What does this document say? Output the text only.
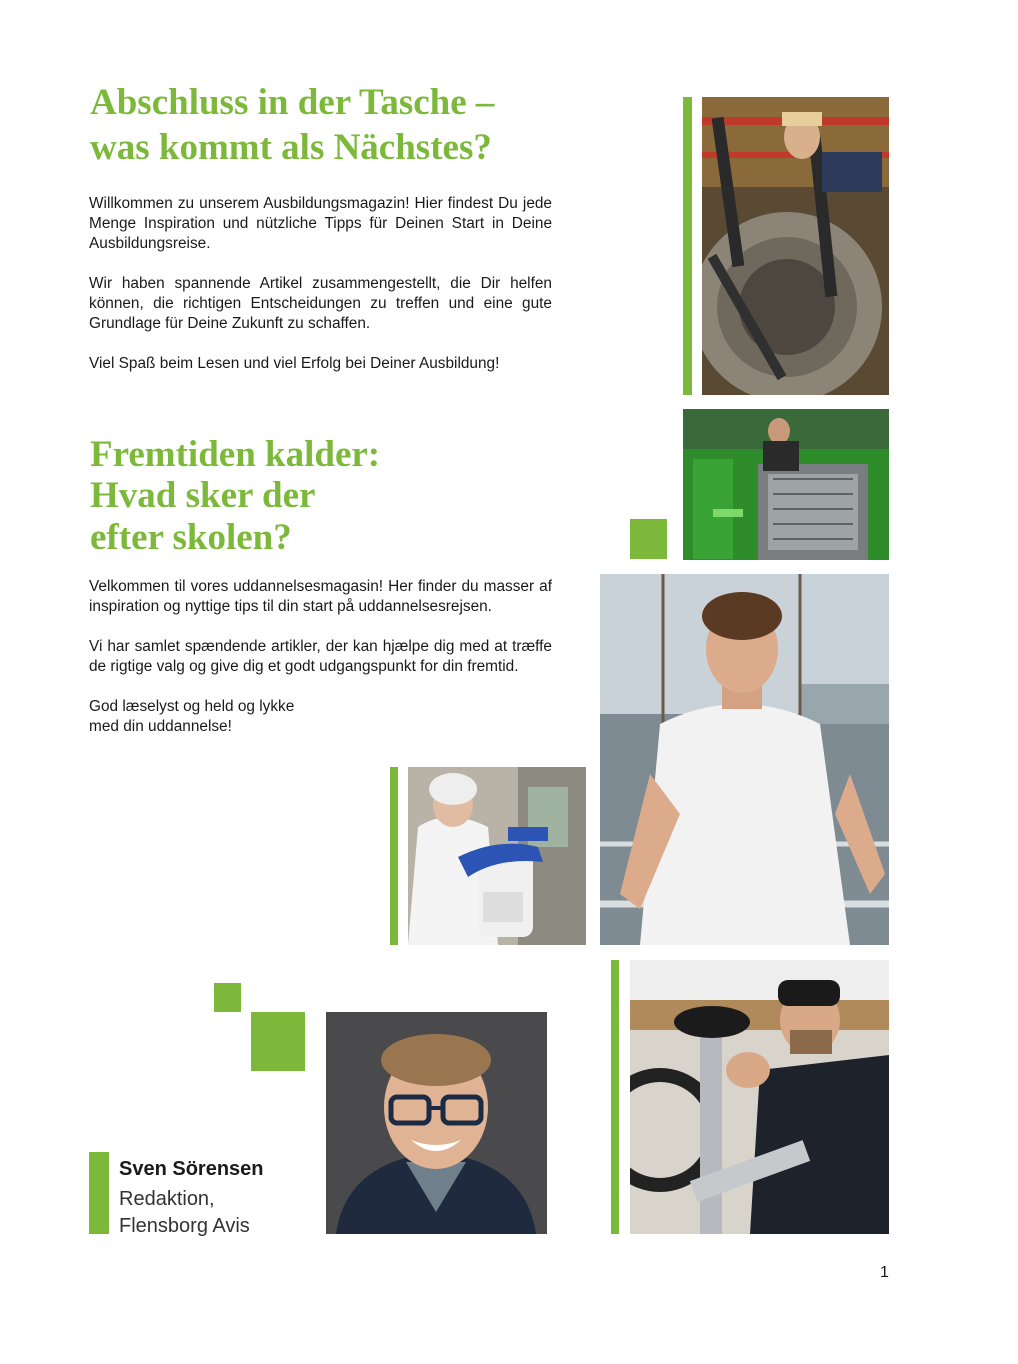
Abschluss in der Tasche –
was kommt als Nächstes?

Willkommen zu unserem Ausbildungsmagazin! Hier findest Du jede Menge Inspiration und nützliche Tipps für Deinen Start in Deine Ausbildungsreise.

Wir haben spannende Artikel zusammengestellt, die Dir helfen können, die richtigen Entscheidungen zu treffen und eine gute Grundlage für Deine Zukunft zu schaffen.

Viel Spaß beim Lesen und viel Erfolg bei Deiner Ausbildung!

Fremtiden kalder:
Hvad sker der
efter skolen?

Velkommen til vores uddannelsesmagasin! Her finder du masser af inspiration og nyttige tips til din start på uddannelsesrejsen.

Vi har samlet spændende artikler, der kan hjælpe dig med at træffe de rigtige valg og give dig et godt udgangspunkt for din fremtid.

God læselyst og held og lykke
med din uddannelse!

Sven Sörensen
Redaktion,
Flensborg Avis
1
